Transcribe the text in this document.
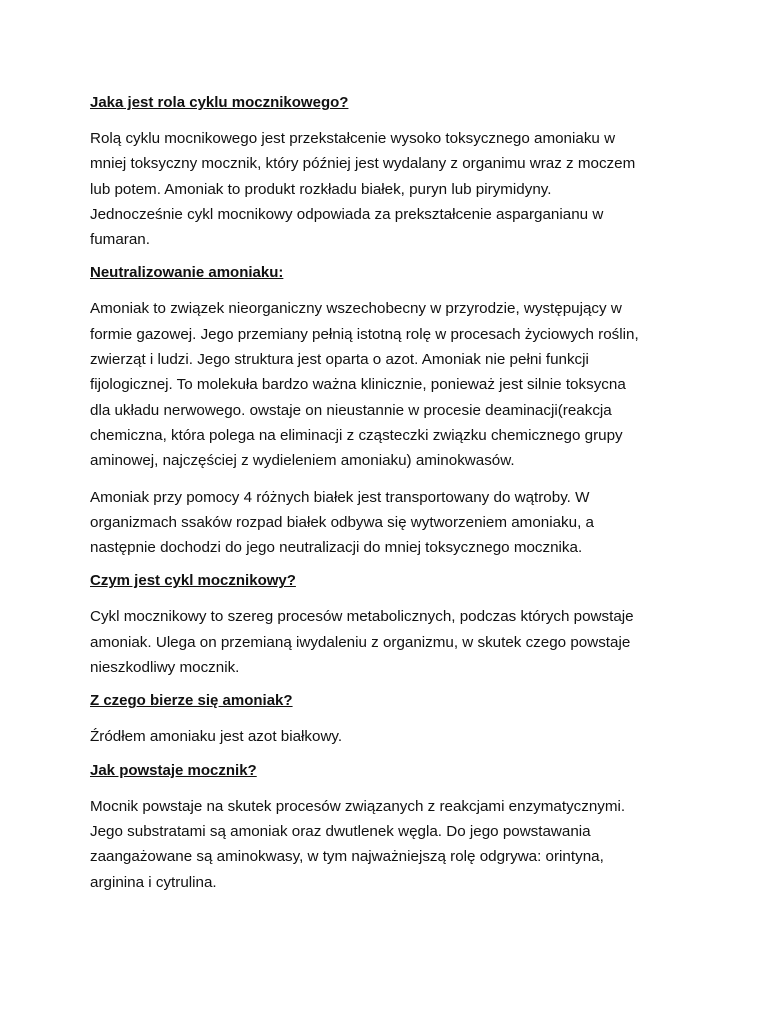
Jaka jest rola cyklu mocznikowego?
Rolą cyklu mocnikowego jest przekstałcenie wysoko toksycznego amoniaku w
mniej toksyczny mocznik, który później jest wydalany z organimu wraz z moczem
lub potem. Amoniak to produkt rozkładu białek, puryn lub pirymidyny.
Jednocześnie cykl mocnikowy odpowiada za prekształcenie asparganianu w
fumaran.
Neutralizowanie amoniaku:
Amoniak to związek nieorganiczny wszechobecny w przyrodzie, występujący w
formie gazowej. Jego przemiany pełnią istotną rolę w procesach życiowych roślin,
zwierząt i ludzi. Jego struktura jest oparta o azot. Amoniak nie pełni funkcji
fijologicznej. To molekuła bardzo ważna klinicznie, ponieważ jest silnie toksycna
dla układu nerwowego. owstaje on nieustannie w procesie deaminacji(reakcja
chemiczna, która polega na eliminacji z cząsteczki związku chemicznego grupy
aminowej, najczęściej z wydieleniem amoniaku) aminokwasów.
Amoniak przy pomocy 4 różnych białek jest transportowany do wątroby. W
organizmach ssaków rozpad białek odbywa się wytworzeniem amoniaku, a
następnie dochodzi do jego neutralizacji do mniej toksycznego mocznika.
Czym jest cykl mocznikowy?
Cykl mocznikowy to szereg procesów metabolicznych, podczas których powstaje
amoniak. Ulega on przemianą iwydaleniu z organizmu, w skutek czego powstaje
nieszkodliwy mocznik.
Z czego bierze się amoniak?
Źródłem amoniaku jest azot białkowy.
Jak powstaje mocznik?
Mocnik powstaje na skutek procesów związanych z reakcjami enzymatycznymi.
Jego substratami są amoniak oraz dwutlenek węgla. Do jego powstawania
zaangażowane są aminokwasy, w tym najważniejszą rolę odgrywa: orintyna,
arginina i cytrulina.
